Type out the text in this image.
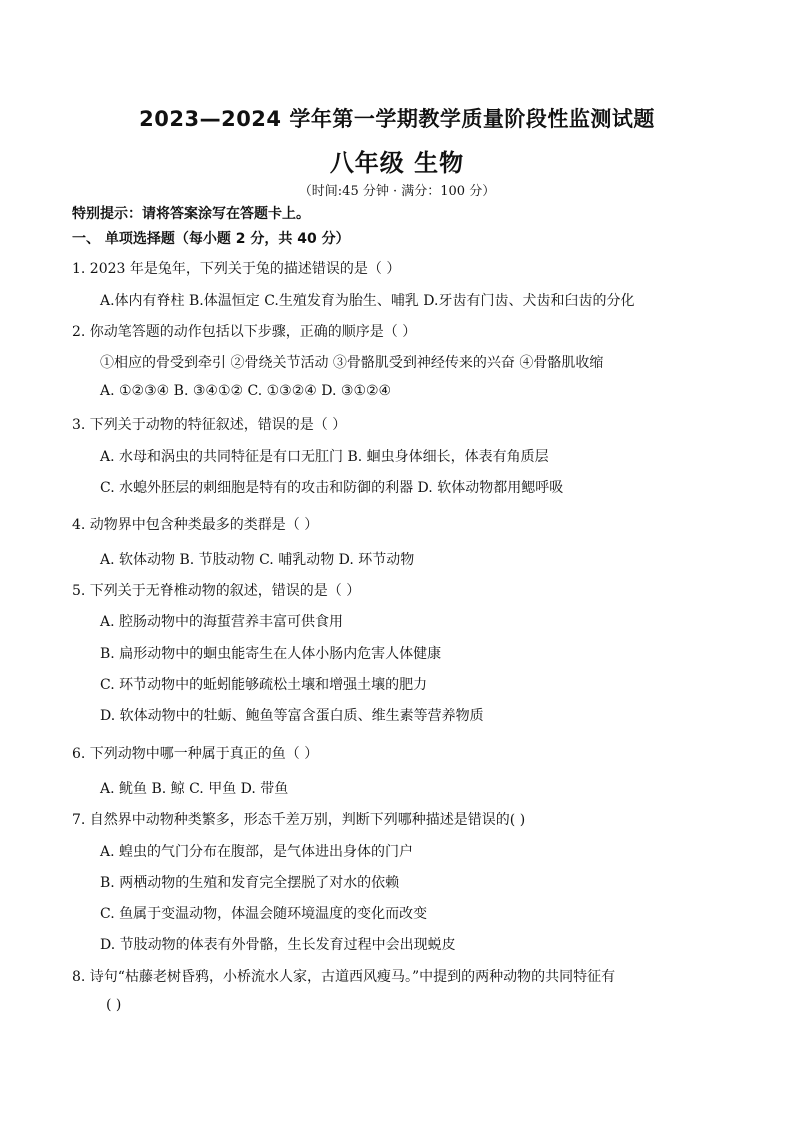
2023—2024 学年第一学期教学质量阶段性监测试题
八年级 生物
（时间:45 分钟 · 满分：100 分）
特别提示：请将答案涂写在答题卡上。
一、 单项选择题（每小题 2 分，共 40 分）
1. 2023 年是兔年，下列关于兔的描述错误的是（ ）
A.体内有脊柱 B.体温恒定 C.生殖发育为胎生、哺乳 D.牙齿有门齿、犬齿和臼齿的分化
2. 你动笔答题的动作包括以下步骤，正确的顺序是（ ）
①相应的骨受到牵引 ②骨绕关节活动 ③骨骼肌受到神经传来的兴奋 ④骨骼肌收缩
A. ①②③④ B. ③④①② C. ①③②④ D. ③①②④
3. 下列关于动物的特征叙述，错误的是（ ）
A. 水母和涡虫的共同特征是有口无肛门 B. 蛔虫身体细长，体表有角质层
C. 水螅外胚层的刺细胞是特有的攻击和防御的利器 D. 软体动物都用鳃呼吸
4. 动物界中包含种类最多的类群是（ ）
A. 软体动物 B. 节肢动物 C. 哺乳动物 D. 环节动物
5. 下列关于无脊椎动物的叙述，错误的是（ ）
A. 腔肠动物中的海蜇营养丰富可供食用
B. 扁形动物中的蛔虫能寄生在人体小肠内危害人体健康
C. 环节动物中的蚯蚓能够疏松土壤和增强土壤的肥力
D. 软体动物中的牡蛎、鲍鱼等富含蛋白质、维生素等营养物质
6. 下列动物中哪一种属于真正的鱼（ ）
A. 鱿鱼 B. 鲸 C. 甲鱼 D. 带鱼
7. 自然界中动物种类繁多，形态千差万别，判断下列哪种描述是错误的( )
A. 蝗虫的气门分布在腹部，是气体进出身体的门户
B. 两栖动物的生殖和发育完全摆脱了对水的依赖
C. 鱼属于变温动物，体温会随环境温度的变化而改变
D. 节肢动物的体表有外骨骼，生长发育过程中会出现蜕皮
8. 诗句“枯藤老树昏鸦，小桥流水人家，古道西风瘦马。”中提到的两种动物的共同特征有
( )
